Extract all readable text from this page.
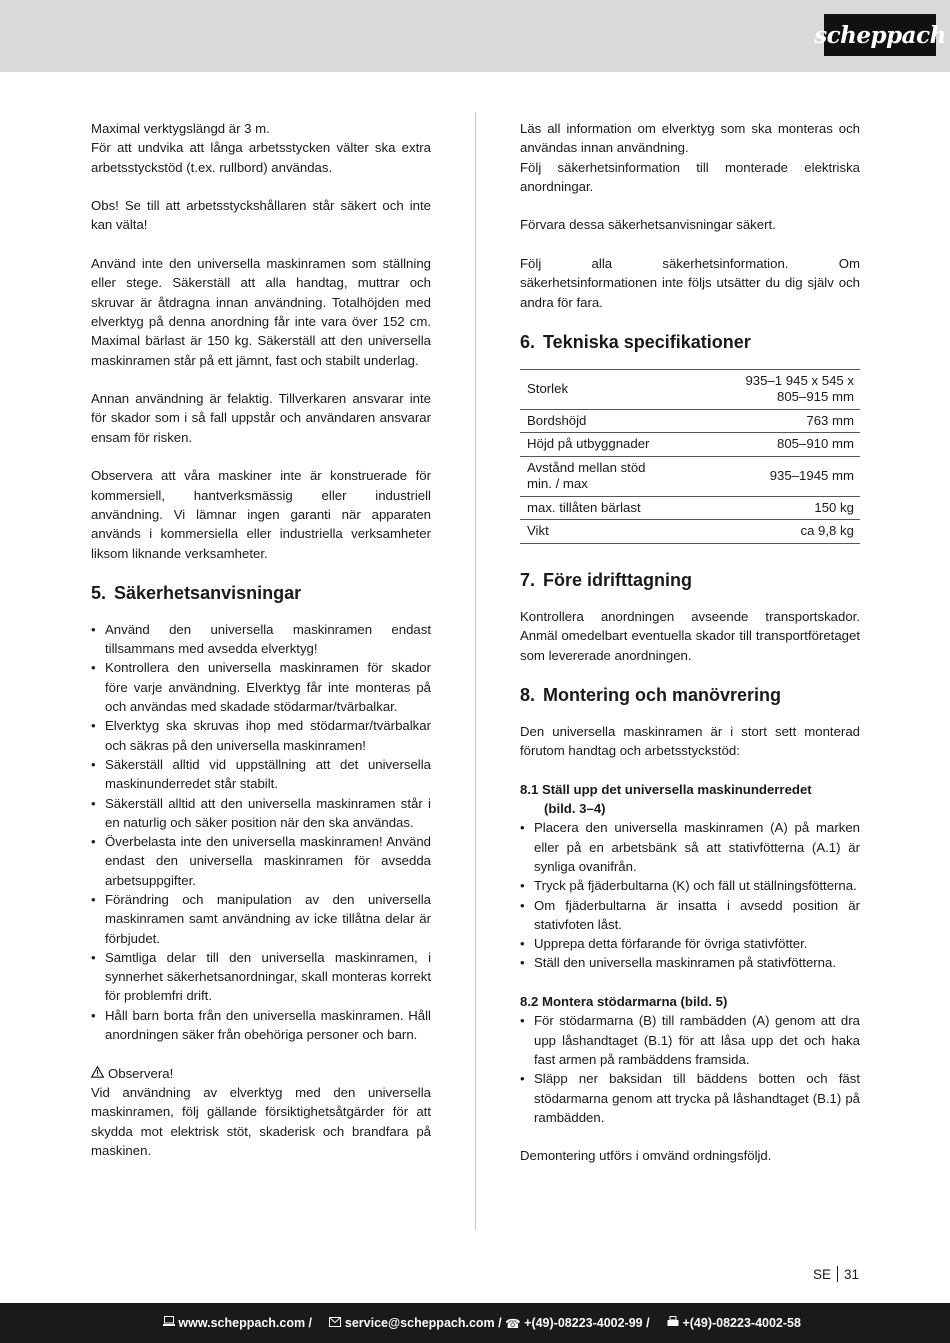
scheppach

Maximal verktygslängd är 3 m.

För att undvika att långa arbetsstycken välter ska extra arbetsstyckstöd (t.ex. rullbord) användas.

Obs! Se till att arbetsstyckshållaren står säkert och inte kan välta!

Använd inte den universella maskinramen som ställning eller stege. Säkerställ att alla handtag, muttrar och skruvar är åtdragna innan användning. Totalhöjden med elverktyg på denna anordning får inte vara över 152 cm. Maximal bärlast är 150 kg. Säkerställ att den universella maskinramen står på ett jämnt, fast och stabilt underlag.

Annan användning är felaktig. Tillverkaren ansvarar inte för skador som i så fall uppstår och användaren ansvarar ensam för risken.

Observera att våra maskiner inte är konstruerade för kommersiell, hantverksmässig eller industriell användning. Vi lämnar ingen garanti när apparaten används i kommersiella eller industriella verksamheter liksom liknande verksamheter.

5. Säkerhetsanvisningar
• Använd den universella maskinramen endast tillsammans med avsedda elverktyg!
• Kontrollera den universella maskinramen för skador före varje användning. Elverktyg får inte monteras på och användas med skadade stödarmar/tvärbalkar.
• Elverktyg ska skruvas ihop med stödarmar/tvärbalkar och säkras på den universella maskinramen!
• Säkerställ alltid vid uppställning att det universella maskinunderredet står stabilt.
• Säkerställ alltid att den universella maskinramen står i en naturlig och säker position när den ska användas.
• Överbelasta inte den universella maskinramen! Använd endast den universella maskinramen för avsedda arbetsuppgifter.
• Förändring och manipulation av den universella maskinramen samt användning av icke tillåtna delar är förbjudet.
• Samtliga delar till den universella maskinramen, i synnerhet säkerhetsanordningar, skall monteras korrekt för problemfri drift.
• Håll barn borta från den universella maskinramen. Håll anordningen säker från obehöriga personer och barn.
Observera!

Vid användning av elverktyg med den universella maskinramen, följ gällande försiktighetsåtgärder för att skydda mot elektrisk stöt, skaderisk och brandfara på maskinen.

Läs all information om elverktyg som ska monteras och användas innan användning.

Följ säkerhetsinformation till monterade elektriska anordningar.

Förvara dessa säkerhetsanvisningar säkert.

Följ alla säkerhetsinformation. Om säkerhetsinformationen inte följs utsätter du dig själv och andra för fara.

6. Tekniska specifikationer
Storlek	935–1 945 x 545 x
805–915 mm
Bordshöjd	763 mm
Höjd på utbyggnader	805–910 mm
Avstånd mellan stöd
min. / max	935–1945 mm
max. tillåten bärlast	150 kg
Vikt	ca 9,8 kg
7. Före idrifttagning

Kontrollera anordningen avseende transportskador. Anmäl omedelbart eventuella skador till transportföretaget som levererade anordningen.

8. Montering och manövrering

Den universella maskinramen är i stort sett monterad förutom handtag och arbetsstyckstöd:

8.1 Ställ upp det universella maskinunderredet
(bild. 3–4)
• Placera den universella maskinramen (A) på marken eller på en arbetsbänk så att stativfötterna (A.1) är synliga ovanifrån.
• Tryck på fjäderbultarna (K) och fäll ut ställningsfötterna.
• Om fjäderbultarna är insatta i avsedd position är stativfoten låst.
• Upprepa detta förfarande för övriga stativfötter.
• Ställ den universella maskinramen på stativfötterna.
8.2 Montera stödarmarna (bild. 5)
• För stödarmarna (B) till rambädden (A) genom att dra upp låshandtaget (B.1) för att låsa upp det och haka fast armen på rambäddens framsida.
• Släpp ner baksidan till bäddens botten och fäst stödarmarna genom att trycka på låshandtaget (B.1) på rambädden.

Demontering utförs i omvänd ordningsföljd.

SE 31

www.scheppach.com /

service@scheppach.com / ☎
+(49)-08223-4002-99 /

+(49)-08223-4002-58
